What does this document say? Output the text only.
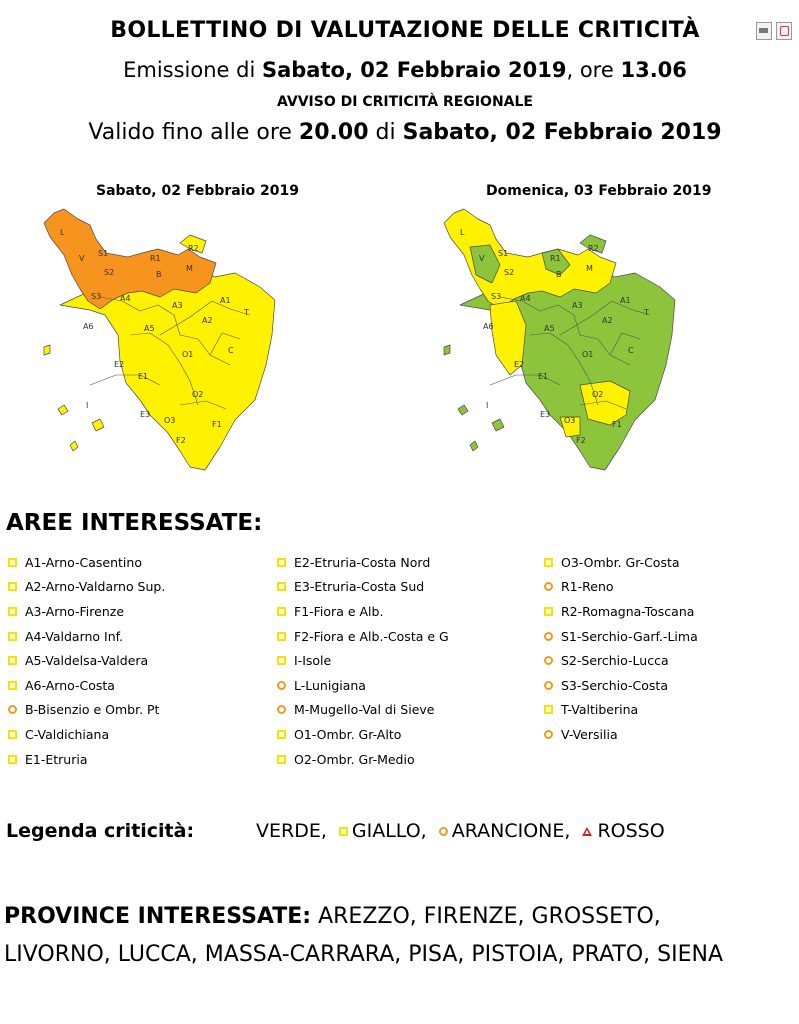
BOLLETTINO DI VALUTAZIONE DELLE CRITICITÀ
Emissione di Sabato, 02 Febbraio 2019, ore 13.06
AVVISO DI CRITICITÀ REGIONALE
Valido fino alle ore 20.00 di Sabato, 02 Febbraio 2019
Sabato, 02 Febbraio 2019	Domenica, 03 Febbraio 2019
L
S1
V
S2
S3
R1
B
M
R2
A4
A3
A1
A6	A5
A2
T
O1
E2
C
E1
O2
I
E3
O3	F1
F2
L
S1
V
S2
S3
R1
B
M
R2
A4
A3
A1
A6	A5
A2
T
O1
E2
C
E1
O2
I
E3
O3	F1
F2
AREE INTERESSATE:
A1-Arno-Casentino
A2-Arno-Valdarno Sup.
A3-Arno-Firenze
A4-Valdarno Inf.
A5-Valdelsa-Valdera
A6-Arno-Costa
B-Bisenzio e Ombr. Pt
C-Valdichiana
E1-Etruria
E2-Etruria-Costa Nord
E3-Etruria-Costa Sud
F1-Fiora e Alb.
F2-Fiora e Alb.-Costa e G
I-Isole
L-Lunigiana
M-Mugello-Val di Sieve
O1-Ombr. Gr-Alto
O2-Ombr. Gr-Medio
O3-Ombr. Gr-Costa
R1-Reno
R2-Romagna-Toscana
S1-Serchio-Garf.-Lima
S2-Serchio-Lucca
S3-Serchio-Costa
T-Valtiberina
V-Versilia
Legenda criticità:	VERDE, GIALLO, ARANCIONE, ROSSO
PROVINCE INTERESSATE: AREZZO, FIRENZE, GROSSETO, LIVORNO, LUCCA, MASSA-CARRARA, PISA, PISTOIA, PRATO, SIENA
